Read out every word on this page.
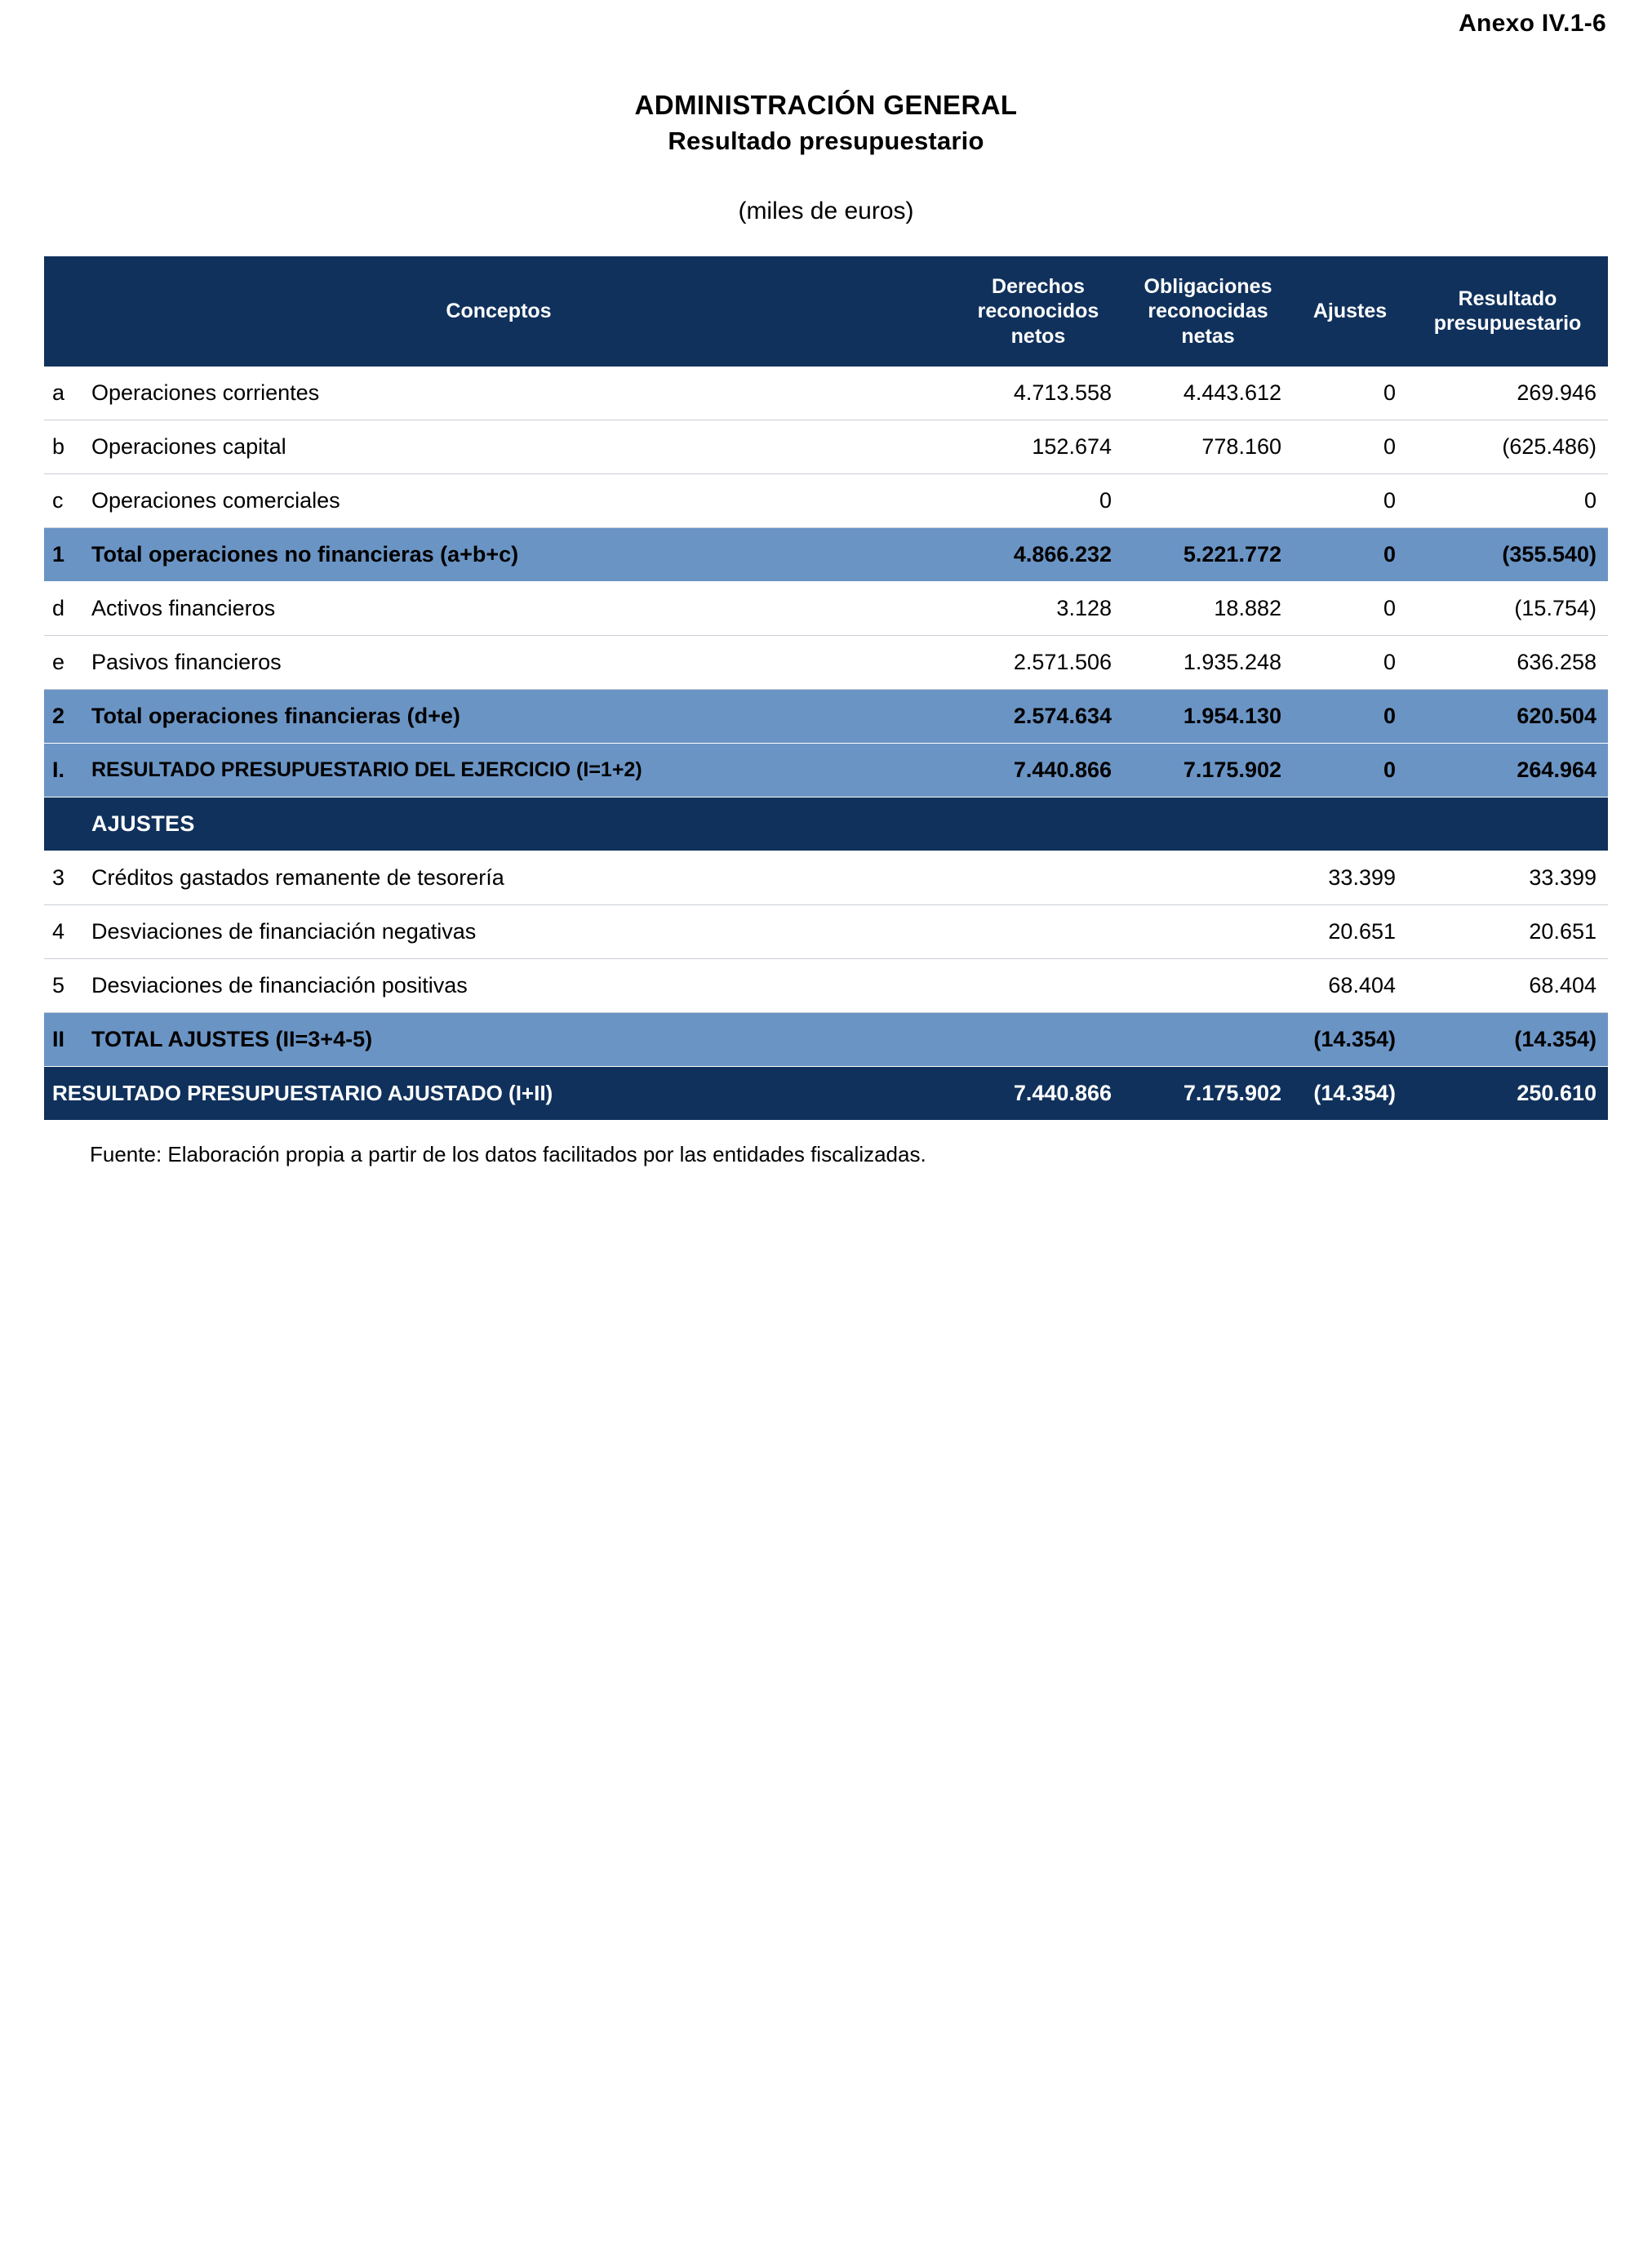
Anexo IV.1-6
ADMINISTRACIÓN GENERAL
Resultado presupuestario
(miles de euros)
Conceptos		Derechos reconocidos netos	Obligaciones reconocidas netas	Ajustes	Resultado presupuestario
a	Operaciones corrientes	4.713.558	4.443.612	0	269.946
b	Operaciones capital	152.674	778.160	0	(625.486)
c	Operaciones comerciales	0		0	0
1	Total operaciones no financieras (a+b+c)	4.866.232	5.221.772	0	(355.540)
d	Activos financieros	3.128	18.882	0	(15.754)
e	Pasivos financieros	2.571.506	1.935.248	0	636.258
2	Total operaciones financieras (d+e)	2.574.634	1.954.130	0	620.504
I.	RESULTADO PRESUPUESTARIO DEL EJERCICIO (I=1+2)	7.440.866	7.175.902	0	264.964
	AJUSTES				
3	Créditos gastados remanente de tesorería			33.399	33.399
4	Desviaciones de financiación negativas			20.651	20.651
5	Desviaciones de financiación positivas			68.404	68.404
II	TOTAL AJUSTES (II=3+4-5)			(14.354)	(14.354)
RESULTADO PRESUPUESTARIO AJUSTADO (I+II)		7.440.866	7.175.902	(14.354)	250.610
Fuente: Elaboración propia a partir de los datos facilitados por las entidades fiscalizadas.
